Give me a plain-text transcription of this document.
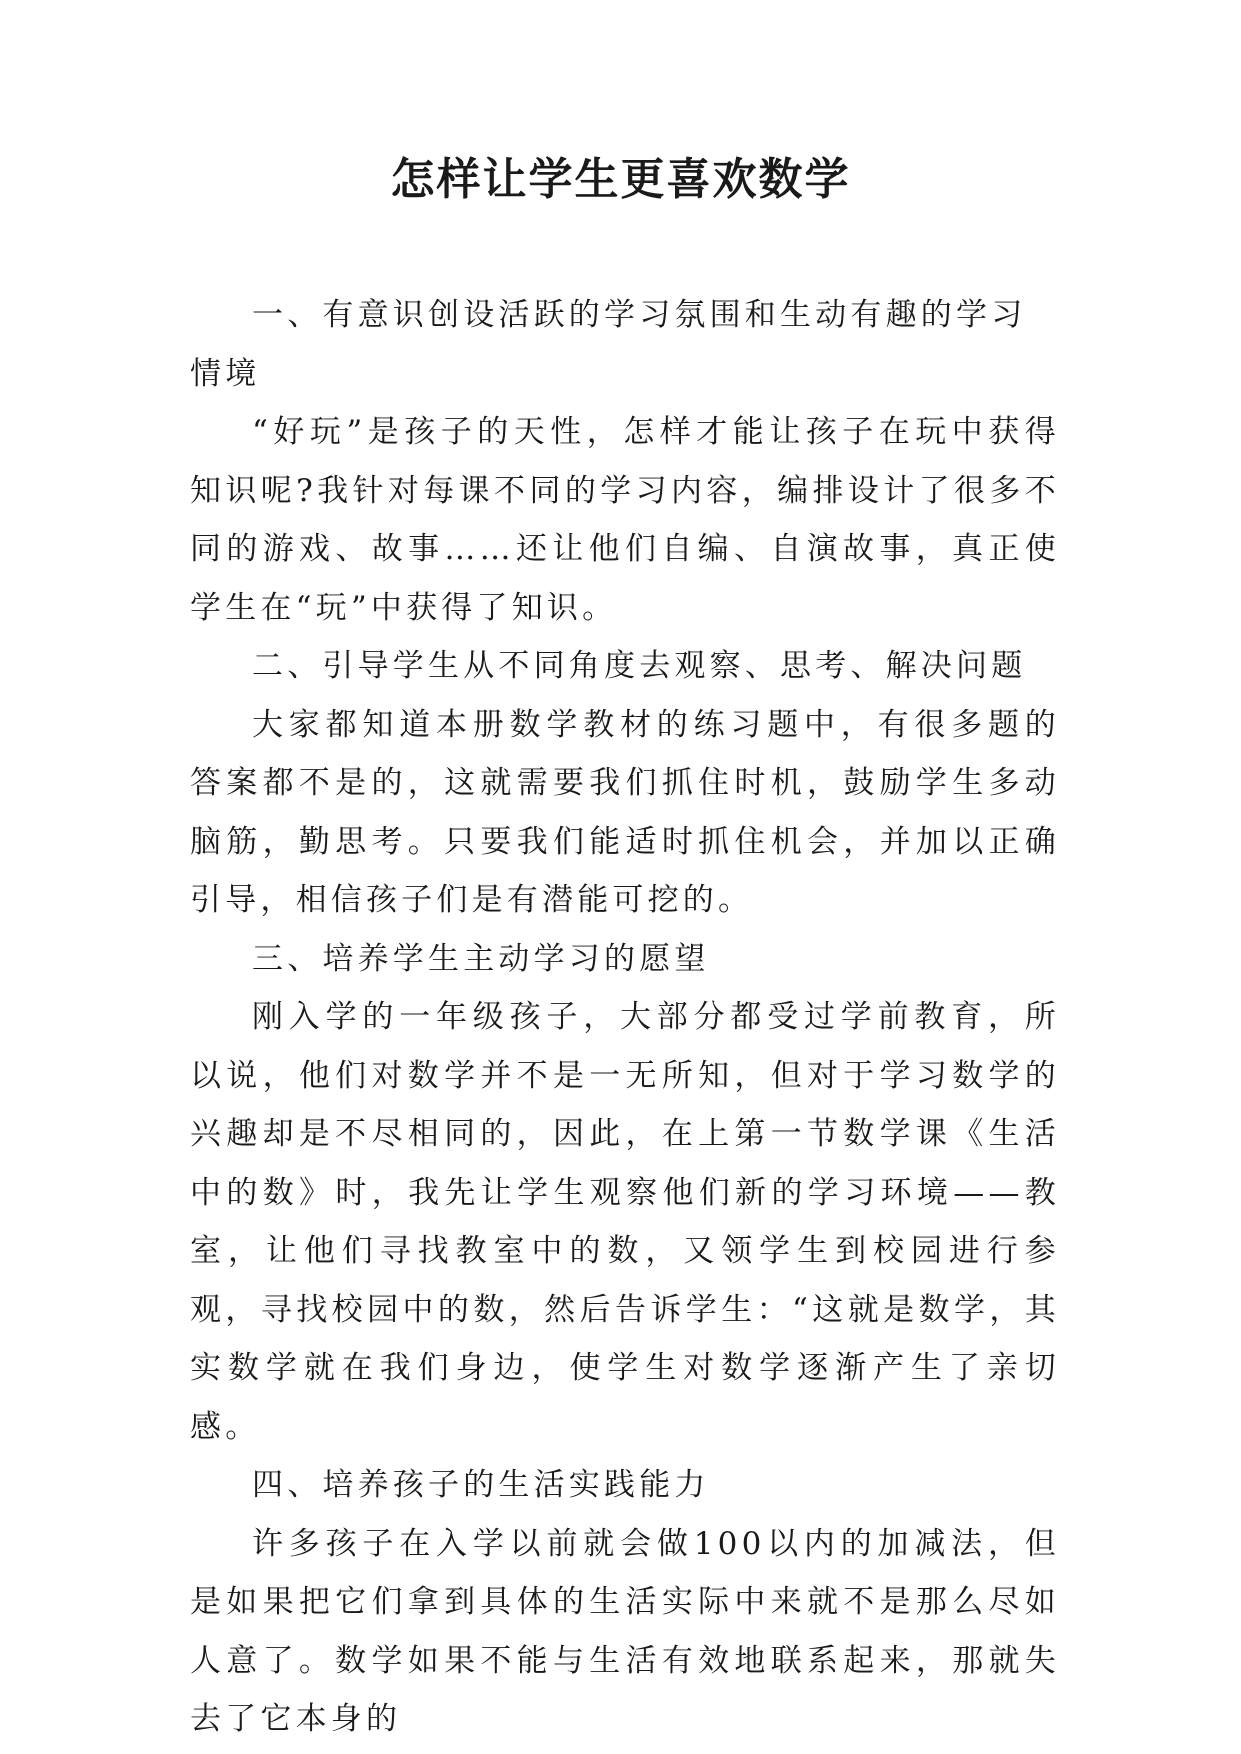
怎样让学生更喜欢数学

一、有意识创设活跃的学习氛围和生动有趣的学习情境

“好玩”是孩子的天性，怎样才能让孩子在玩中获得知识呢?我针对每课不同的学习内容，编排设计了很多不同的游戏、故事……还让他们自编、自演故事，真正使学生在“玩”中获得了知识。

二、引导学生从不同角度去观察、思考、解决问题

大家都知道本册数学教材的练习题中，有很多题的答案都不是的，这就需要我们抓住时机，鼓励学生多动脑筋，勤思考。只要我们能适时抓住机会，并加以正确引导，相信孩子们是有潜能可挖的。

三、培养学生主动学习的愿望

刚入学的一年级孩子，大部分都受过学前教育，所以说，他们对数学并不是一无所知，但对于学习数学的兴趣却是不尽相同的，因此，在上第一节数学课《生活中的数》时，我先让学生观察他们新的学习环境——教室，让他们寻找教室中的数，又领学生到校园进行参观，寻找校园中的数，然后告诉学生：“这就是数学，其实数学就在我们身边，使学生对数学逐渐产生了亲切感。

四、培养孩子的生活实践能力

许多孩子在入学以前就会做100以内的加减法，但是如果把它们拿到具体的生活实际中来就不是那么尽如人意了。数学如果不能与生活有效地联系起来，那就失去了它本身的
